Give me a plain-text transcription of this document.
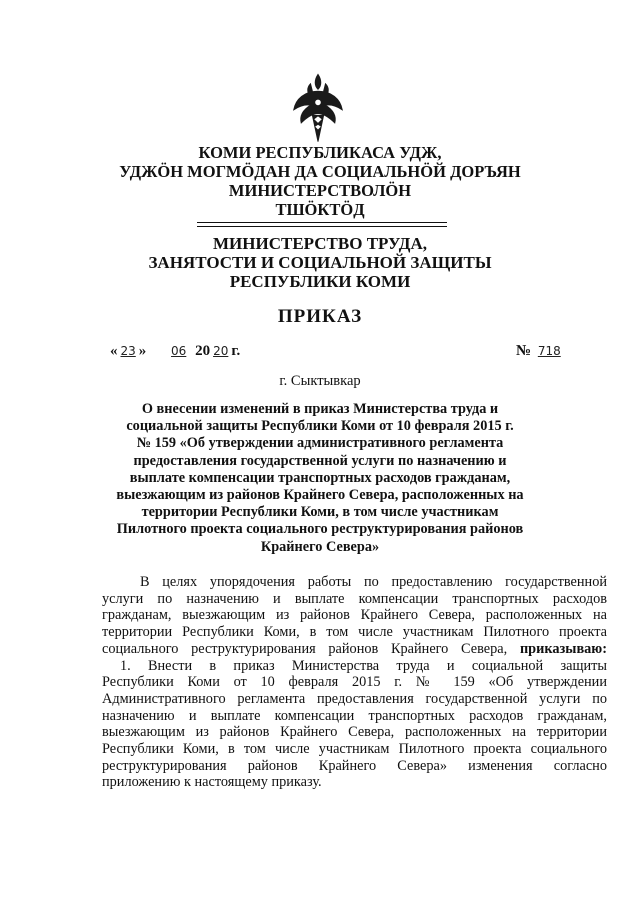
КОМИ РЕСПУБЛИКАСА УДЖ,
УДЖӦН МОГМӦДАН ДА СОЦИАЛЬНӦЙ ДОРЪЯН
МИНИСТЕРСТВОЛӦН
ТШӦКТӦД
МИНИСТЕРСТВО ТРУДА,
ЗАНЯТОСТИ И СОЦИАЛЬНОЙ ЗАЩИТЫ
РЕСПУБЛИКИ КОМИ
ПРИКАЗ
« 23 » 06 20 20 г.	№ 718
г. Сыктывкар
О внесении изменений в приказ Министерства труда и
социальной защиты Республики Коми от 10 февраля 2015 г.
№ 159 «Об утверждении административного регламента
предоставления государственной услуги по назначению и
выплате компенсации транспортных расходов гражданам,
выезжающим из районов Крайнего Севера, расположенных на
территории Республики Коми, в том числе участникам
Пилотного проекта социального реструктурирования районов
Крайнего Севера»
В целях упорядочения работы по предоставлению государственной
услуги по назначению и выплате компенсации транспортных расходов
гражданам, выезжающим из районов Крайнего Севера, расположенных на
территории Республики Коми, в том числе участникам Пилотного проекта
социального реструктурирования районов Крайнего Севера, приказываю:
1. Внести в приказ Министерства труда и социальной защиты
Республики Коми от 10 февраля 2015 г. № 159 «Об утверждении
Административного регламента предоставления государственной услуги по
назначению и выплате компенсации транспортных расходов гражданам,
выезжающим из районов Крайнего Севера, расположенных на территории
Республики Коми, в том числе участникам Пилотного проекта социального
реструктурирования районов Крайнего Севера» изменения согласно
приложению к настоящему приказу.
